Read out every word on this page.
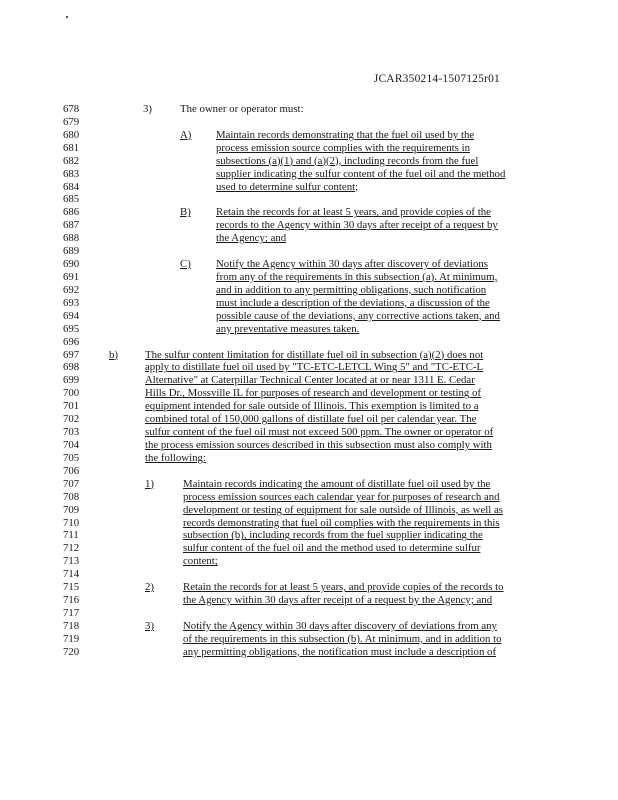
JCAR350214-1507125r01
678	3)	The owner or operator must:
679
680	A) Maintain records demonstrating that the fuel oil used by the
681	process emission source complies with the requirements in
682	subsections (a)(1) and (a)(2), including records from the fuel
683	supplier indicating the sulfur content of the fuel oil and the method
684	used to determine sulfur content;
685
686	B) Retain the records for at least 5 years, and provide copies of the
687	records to the Agency within 30 days after receipt of a request by
688	the Agency; and
689
690	C) Notify the Agency within 30 days after discovery of deviations
691	from any of the requirements in this subsection (a). At minimum,
692	and in addition to any permitting obligations, such notification
693	must include a description of the deviations, a discussion of the
694	possible cause of the deviations, any corrective actions taken, and
695	any preventative measures taken.
696
697	b)	The sulfur content limitation for distillate fuel oil in subsection (a)(2) does not
698	apply to distillate fuel oil used by "TC-ETC-LETCL Wing 5" and "TC-ETC-L
699	Alternative" at Caterpillar Technical Center located at or near 1311 E. Cedar
700	Hills Dr., Mossville IL for purposes of research and development or testing of
701	equipment intended for sale outside of Illinois. This exemption is limited to a
702	combined total of 150,000 gallons of distillate fuel oil per calendar year. The
703	sulfur content of the fuel oil must not exceed 500 ppm. The owner or operator of
704	the process emission sources described in this subsection must also comply with
705	the following:
706
707	1)	Maintain records indicating the amount of distillate fuel oil used by the
708	process emission sources each calendar year for purposes of research and
709	development or testing of equipment for sale outside of Illinois, as well as
710	records demonstrating that fuel oil complies with the requirements in this
711	subsection (b), including records from the fuel supplier indicating the
712	sulfur content of the fuel oil and the method used to determine sulfur
713	content;
714
715	2)	Retain the records for at least 5 years, and provide copies of the records to
716	the Agency within 30 days after receipt of a request by the Agency; and
717
718	3)	Notify the Agency within 30 days after discovery of deviations from any
719	of the requirements in this subsection (b). At minimum, and in addition to
720	any permitting obligations, the notification must include a description of
